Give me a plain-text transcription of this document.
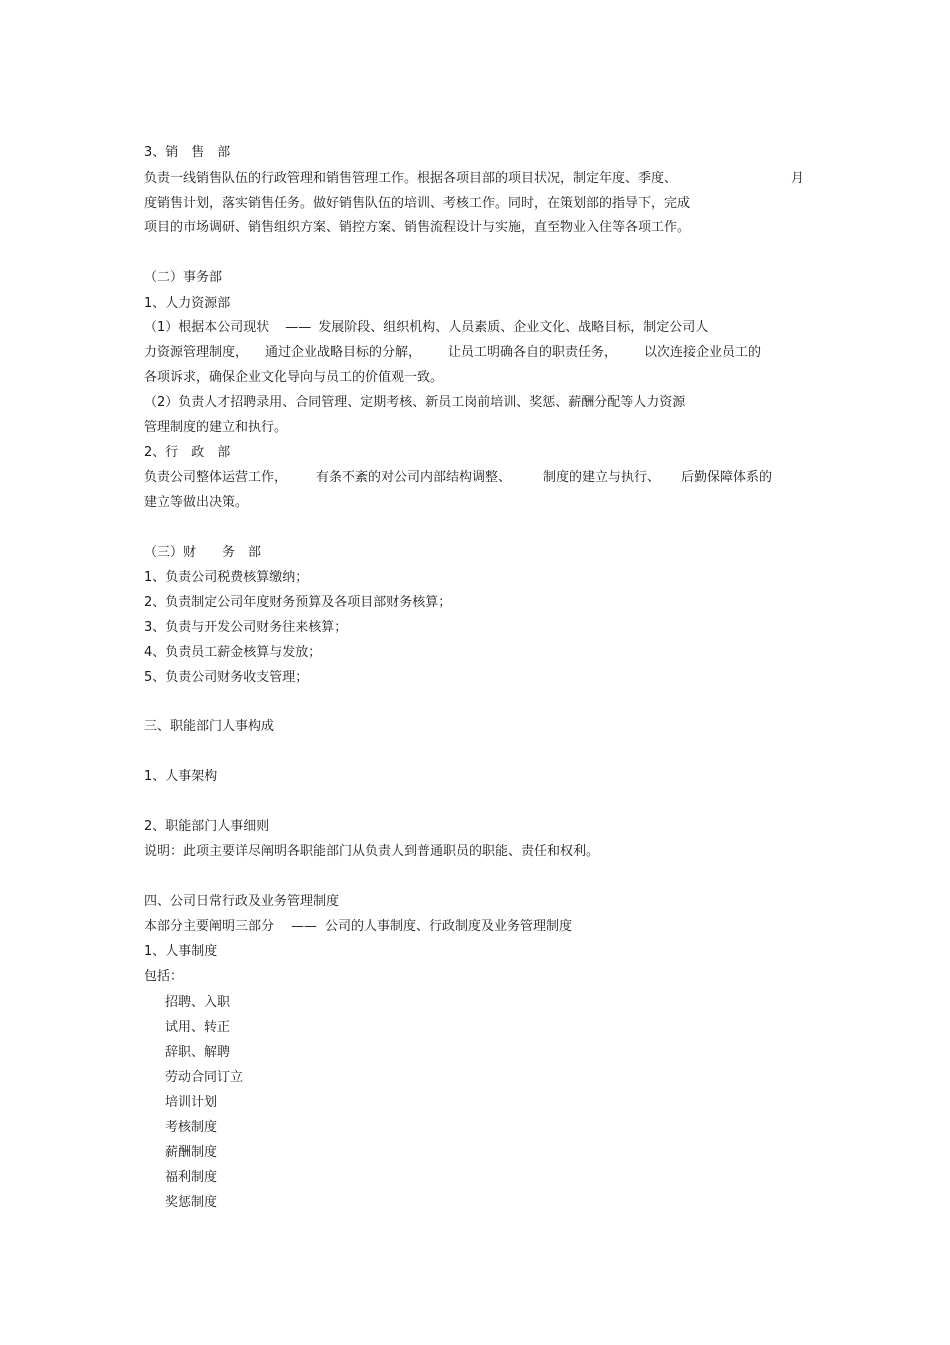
3、销　售　部

负责一线销售队伍的行政管理和销售管理工作。根据各项目部的项目状况，制定年度、季度、	月

度销售计划，落实销售任务。做好销售队伍的培训、考核工作。同时，在策划部的指导下，完成

项目的市场调研、销售组织方案、销控方案、销售流程设计与实施，直至物业入住等各项工作。

（二）事务部

1、人力资源部

（1）根据本公司现状 —— 发展阶段、组织机构、人员素质、企业文化、战略目标，制定公司人

力资源管理制度， 通过企业战略目标的分解， 让员工明确各自的职责任务， 以次连接企业员工的

各项诉求，确保企业文化导向与员工的价值观一致。

（2）负责人才招聘录用、合同管理、定期考核、新员工岗前培训、奖惩、薪酬分配等人力资源

管理制度的建立和执行。

2、行　政　部

负责公司整体运营工作， 有条不紊的对公司内部结构调整、 制度的建立与执行、 后勤保障体系的

建立等做出决策。

（三）财　　务　部

1、负责公司税费核算缴纳；

2、负责制定公司年度财务预算及各项目部财务核算；

3、负责与开发公司财务往来核算；

4、负责员工薪金核算与发放；

5、负责公司财务收支管理；

三、职能部门人事构成

1、人事架构

2、职能部门人事细则

说明：此项主要详尽阐明各职能部门从负责人到普通职员的职能、责任和权利。

四、公司日常行政及业务管理制度

本部分主要阐明三部分 —— 公司的人事制度、行政制度及业务管理制度

1、人事制度

包括：

招聘、入职

试用、转正

辞职、解聘

劳动合同订立

培训计划

考核制度

薪酬制度

福利制度

奖惩制度
